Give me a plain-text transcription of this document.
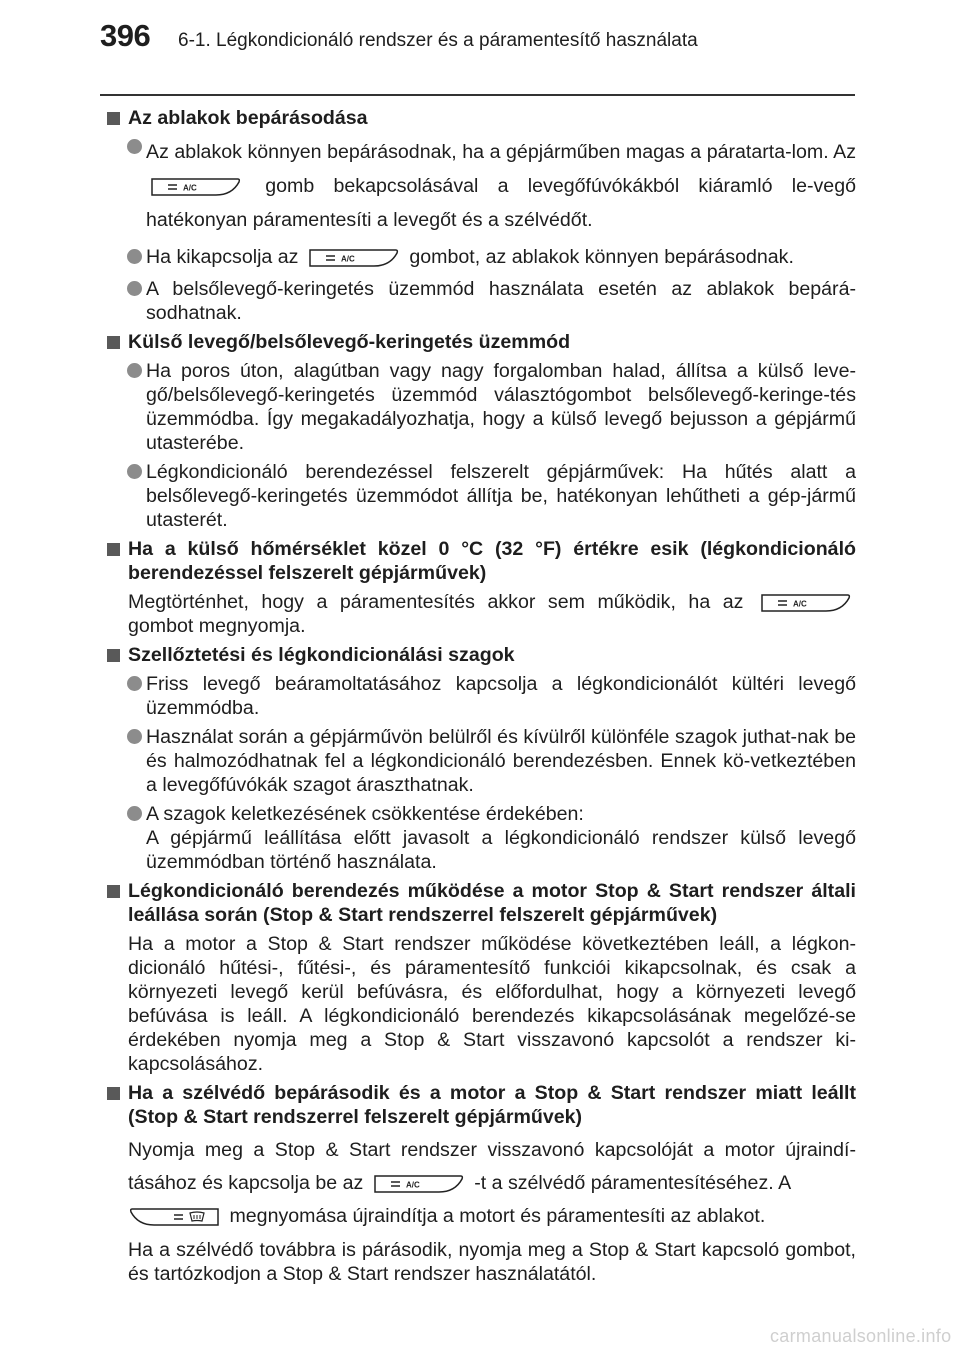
396 6-1. Légkondicionáló rendszer és a páramentesítő használata
Az ablakok bepárásodása
Az ablakok könnyen bepárásodnak, ha a gépjárműben magas a páratarta-lom. Az
A/C	gomb bekapcsolásával a levegőfúvókákból kiáramló le-vegő hatékonyan páramentesíti a levegőt és a szélvédőt.
Ha kikapcsolja az	A/C	gombot, az ablakok könnyen bepárásodnak.
A belsőlevegő-keringetés üzemmód használata esetén az ablakok bepárá-sodhatnak.
Külső levegő/belsőlevegő-keringetés üzemmód
Ha poros úton, alagútban vagy nagy forgalomban halad, állítsa a külső leve-gő/belsőlevegő-keringetés üzemmód választógombot belsőlevegő-keringe-tés üzemmódba. Így megakadályozhatja, hogy a külső levegő bejusson a gépjármű utasterébe.
Légkondicionáló berendezéssel felszerelt gépjárművek: Ha hűtés alatt a belsőlevegő-keringetés üzemmódot állítja be, hatékonyan lehűtheti a gép-jármű utasterét.
Ha a külső hőmérséklet közel 0 °C (32 °F) értékre esik (légkondicionáló berendezéssel felszerelt gépjárművek)
Megtörténhet, hogy a páramentesítés akkor sem működik, ha az	A/C
gombot megnyomja.
Szellőztetési és légkondicionálási szagok
Friss levegő beáramoltatásához kapcsolja a légkondicionálót kültéri levegő üzemmódba.
Használat során a gépjárművön belülről és kívülről különféle szagok juthat-nak be és halmozódhatnak fel a légkondicionáló berendezésben. Ennek kö-vetkeztében a levegőfúvókák szagot áraszthatnak.
A szagok keletkezésének csökkentése érdekében:
A gépjármű leállítása előtt javasolt a légkondicionáló rendszer külső levegő üzemmódban történő használata.
Légkondicionáló berendezés működése a motor Stop & Start rendszer általi leállása során (Stop & Start rendszerrel felszerelt gépjárművek)
Ha a motor a Stop & Start rendszer működése következtében leáll, a légkon-dicionáló hűtési-, fűtési-, és páramentesítő funkciói kikapcsolnak, és csak a környezeti levegő kerül befúvásra, és előfordulhat, hogy a környezeti levegő befúvása is leáll. A légkondicionáló berendezés kikapcsolásának megelőzé-se érdekében nyomja meg a Stop & Start visszavonó kapcsolót a rendszer ki-kapcsolásához.
Ha a szélvédő bepárásodik és a motor a Stop & Start rendszer miatt leállt (Stop & Start rendszerrel felszerelt gépjárművek)
Nyomja meg a Stop & Start rendszer visszavonó kapcsolóját a motor újraindí-tásához és kapcsolja be az	A/C	-t a szélvédő páramentesítéséhez. A

megnyomása újraindítja a motort és páramentesíti az ablakot.
Ha a szélvédő továbbra is párásodik, nyomja meg a Stop & Start kapcsoló gombot, és tartózkodjon a Stop & Start rendszer használatától.
carmanualsonline.info
